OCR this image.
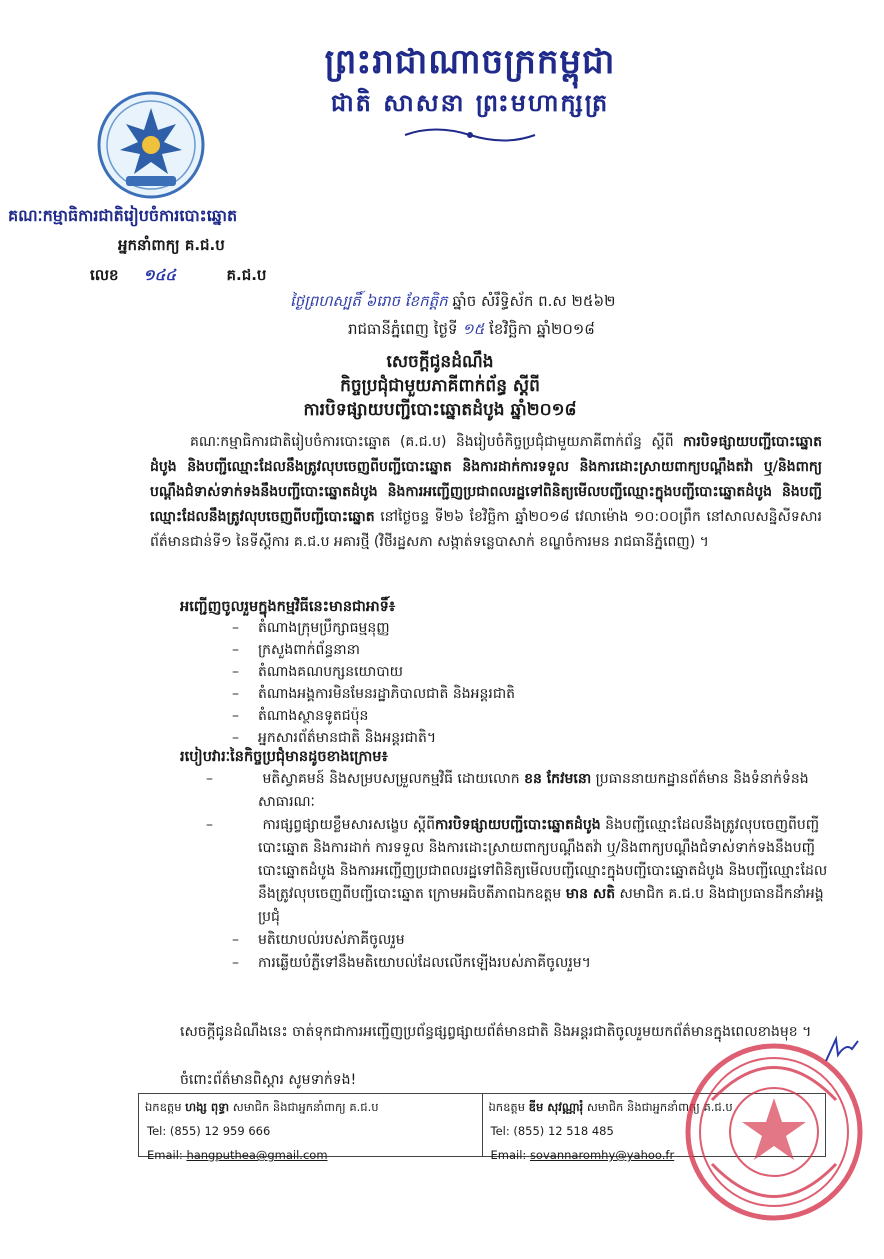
ព្រះរាជាណាចក្រកម្ពុជា
ជាតិ សាសនា ព្រះមហាក្សត្រ
គណៈកម្មាធិការជាតិរៀបចំការបោះឆ្នោត
អ្នកនាំពាក្យ គ.ជ.ប
លេខ ១៤៤	គ.ជ.ប
ថ្ងៃព្រហស្បតិ៍ ៦រោច ខែកត្តិក ឆ្នាំច សំរឹទ្ធិស័ក ព.ស ២៥៦២
រាជធានីភ្នំពេញ ថ្ងៃទី ១៥ ខែវិច្ឆិកា ឆ្នាំ២០១៨
សេចក្តីជូនដំណឹង
កិច្ចប្រជុំជាមួយភាគីពាក់ព័ន្ធ ស្តីពី
ការបិទផ្សាយបញ្ជីបោះឆ្នោតដំបូង ឆ្នាំ២០១៨
គណៈកម្មាធិការជាតិរៀបចំការបោះឆ្នោត (គ.ជ.ប) និងរៀបចំកិច្ចប្រជុំជាមួយភាគីពាក់ព័ន្ធ ស្តីពី ការបិទផ្សាយបញ្ជីបោះឆ្នោតដំបូង និងបញ្ជីឈ្មោះដែលនឹងត្រូវលុបចេញពីបញ្ជីបោះឆ្នោត និងការដាក់ការទទួល និងការដោះស្រាយពាក្យបណ្តឹងតវ៉ា ឬ/និងពាក្យបណ្តឹងជំទាស់ទាក់ទងនឹងបញ្ជីបោះឆ្នោតដំបូង និងការអញ្ជើញប្រជាពលរដ្ឋទៅពិនិត្យមើលបញ្ជីឈ្មោះក្នុងបញ្ជីបោះឆ្នោតដំបូង និងបញ្ជីឈ្មោះដែលនឹងត្រូវលុបចេញពីបញ្ជីបោះឆ្នោត នៅថ្ងៃចន្ទ ទី២៦ ខែវិច្ឆិកា ឆ្នាំ២០១៨ វេលាម៉ោង ១០:០០ព្រឹក នៅសាលសន្និសីទសារព័ត៌មានជាន់ទី១ នៃទីស្តីការ គ.ជ.ប អគារថ្មី (វិថីរដ្ឋសភា សង្កាត់ទន្លេបាសាក់ ខណ្ឌចំការមន រាជធានីភ្នំពេញ) ។
អញ្ជើញចូលរួមក្នុងកម្មវិធីនេះមានជាអាទិ៍៖
– តំណាងក្រុមប្រឹក្សាធម្មនុញ្ញ
– ក្រសួងពាក់ព័ន្ធនានា
– តំណាងគណបក្សនយោបាយ
– តំណាងអង្គការមិនមែនរដ្ឋាភិបាលជាតិ និងអន្តរជាតិ
– តំណាងស្ថានទូតជប៉ុន
– អ្នកសារព័ត៌មានជាតិ និងអន្តរជាតិ។
របៀបវារៈនៃកិច្ចប្រជុំមានដូចខាងក្រោម៖
– មតិស្វាគមន៍ និងសម្របសម្រួលកម្មវិធី ដោយលោក ខន កែវមនោ ប្រធាននាយកដ្ឋានព័ត៌មាន និងទំនាក់ទំនងសាធារណៈ
– ការផ្សព្វផ្សាយខ្លឹមសារសង្ខេប ស្តីពីការបិទផ្សាយបញ្ជីបោះឆ្នោតដំបូង និងបញ្ជីឈ្មោះដែលនឹងត្រូវលុបចេញពីបញ្ជីបោះឆ្នោត និងការដាក់ ការទទួល និងការដោះស្រាយពាក្យបណ្តឹងតវ៉ា ឬ/និងពាក្យបណ្តឹងជំទាស់ទាក់ទងនឹងបញ្ជីបោះឆ្នោតដំបូង និងការអញ្ជើញប្រជាពលរដ្ឋទៅពិនិត្យមើលបញ្ជីឈ្មោះក្នុងបញ្ជីបោះឆ្នោតដំបូង និងបញ្ជីឈ្មោះដែលនឹងត្រូវលុបចេញពីបញ្ជីបោះឆ្នោត ក្រោមអធិបតីភាពឯកឧត្តម មាន សតិ សមាជិក គ.ជ.ប និងជាប្រធានដឹកនាំអង្គប្រជុំ
– មតិយោបល់របស់ភាគីចូលរួម
– ការឆ្លើយបំភ្លឺទៅនឹងមតិយោបល់ដែលលើកឡើងរបស់ភាគីចូលរួម។
សេចក្តីជូនដំណឹងនេះ ចាត់ទុកជាការអញ្ជើញប្រព័ន្ធផ្សព្វផ្សាយព័ត៌មានជាតិ និងអន្តរជាតិចូលរួមយកព័ត៌មានក្នុងពេលខាងមុខ ។
ចំពោះព័ត៌មានពិស្តារ សូមទាក់ទង!
ឯកឧត្តម ហង្ស ពុទ្ធា សមាជិក និងជាអ្នកនាំពាក្យ គ.ជ.ប
Tel: (855) 12 959 666
Email: hangputhea@gmail.com
ឯកឧត្តម ឌីម សុវណ្ណារុំ សមាជិក និងជាអ្នកនាំពាក្យ គ.ជ.ប
Tel: (855) 12 518 485
Email: sovannaromhy@yahoo.fr
